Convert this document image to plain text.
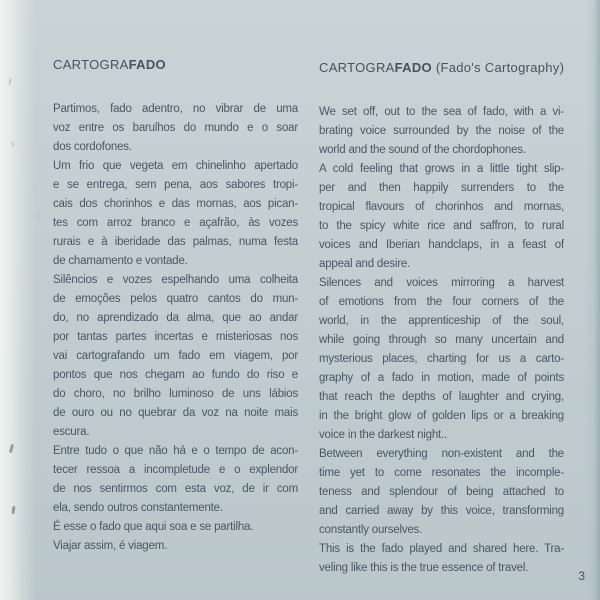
CARTOGRAFADO
Partimos, fado adentro, no vibrar de uma
voz entre os barulhos do mundo e o soar
dos cordofones.
Um frio que vegeta em chinelinho apertado
e se entrega, sem pena, aos sabores tropi-
cais dos chorinhos e das mornas, aos pican-
tes com arroz branco e açafrão, às vozes
rurais e à iberidade das palmas, numa festa
de chamamento e vontade.
Silêncios e vozes espelhando uma colheita
de emoções pelos quatro cantos do mun-
do, no aprendizado da alma, que ao andar
por tantas partes incertas e misteriosas nos
vai cartografando um fado em viagem, por
pontos que nos chegam ao fundo do riso e
do choro, no brilho luminoso de uns lábios
de ouro ou no quebrar da voz na noite mais
escura.
Entre tudo o que não há e o tempo de acon-
tecer ressoa a incompletude e o explendor
de nos sentirmos com esta voz, de ir com
ela, sendo outros constantemente.
É esse o fado que aqui soa e se partilha.
Viajar assim, é viagem.
CARTOGRAFADO (Fado's Cartography)
We set off, out to the sea of fado, with a vi-
brating voice surrounded by the noise of the
world and the sound of the chordophones.
A cold feeling that grows in a little tight slip-
per and then happily surrenders to the
tropical flavours of chorinhos and mornas,
to the spicy white rice and saffron, to rural
voices and Iberian handclaps, in a feast of
appeal and desire.
Silences and voices mirroring a harvest
of emotions from the four corners of the
world, in the apprenticeship of the soul,
while going through so many uncertain and
mysterious places, charting for us a carto-
graphy of a fado in motion, made of points
that reach the depths of laughter and crying,
in the bright glow of golden lips or a breaking
voice in the darkest night..
Between everything non-existent and the
time yet to come resonates the incomple-
teness and splendour of being attached to
and carried away by this voice, transforming
constantly ourselves.
This is the fado played and shared here. Tra-
veling like this is the true essence of travel.
3
